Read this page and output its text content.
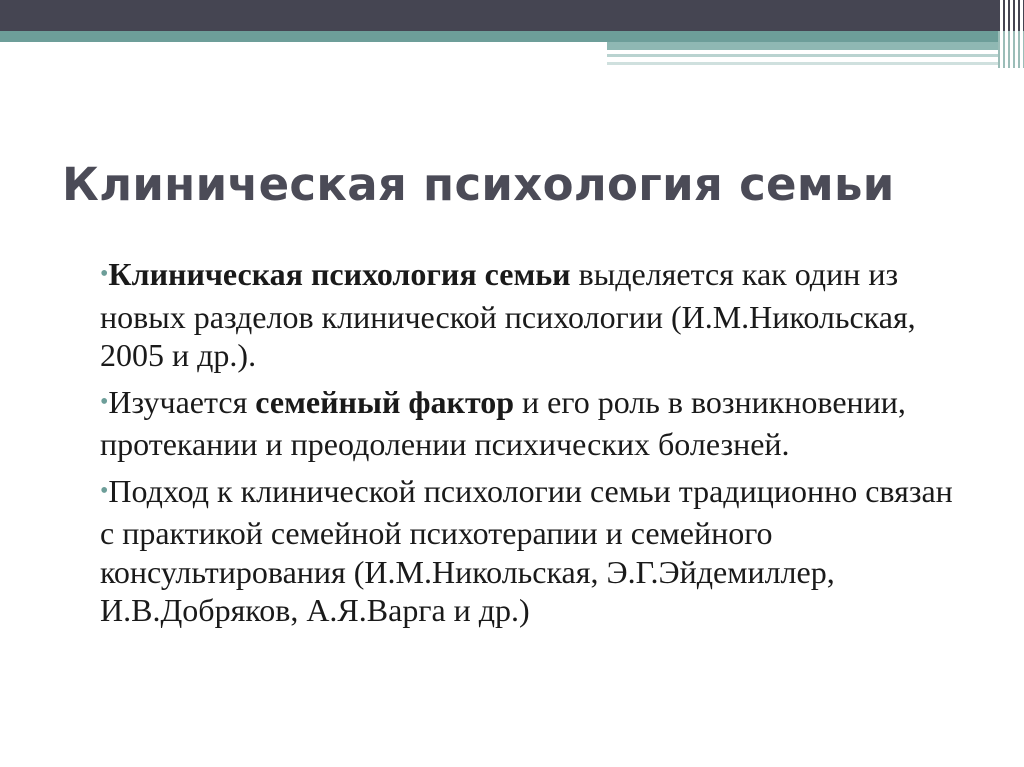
Клиническая психология семьи
•Клиническая психология семьи выделяется как один из новых разделов клинической психологии (И.М.Никольская, 2005 и др.).
•Изучается семейный фактор и его роль в возникновении, протекании и преодолении психических болезней.
•Подход к клинической психологии семьи традиционно связан с практикой семейной психотерапии и семейного консультирования (И.М.Никольская, Э.Г.Эйдемиллер, И.В.Добряков, А.Я.Варга и др.)
